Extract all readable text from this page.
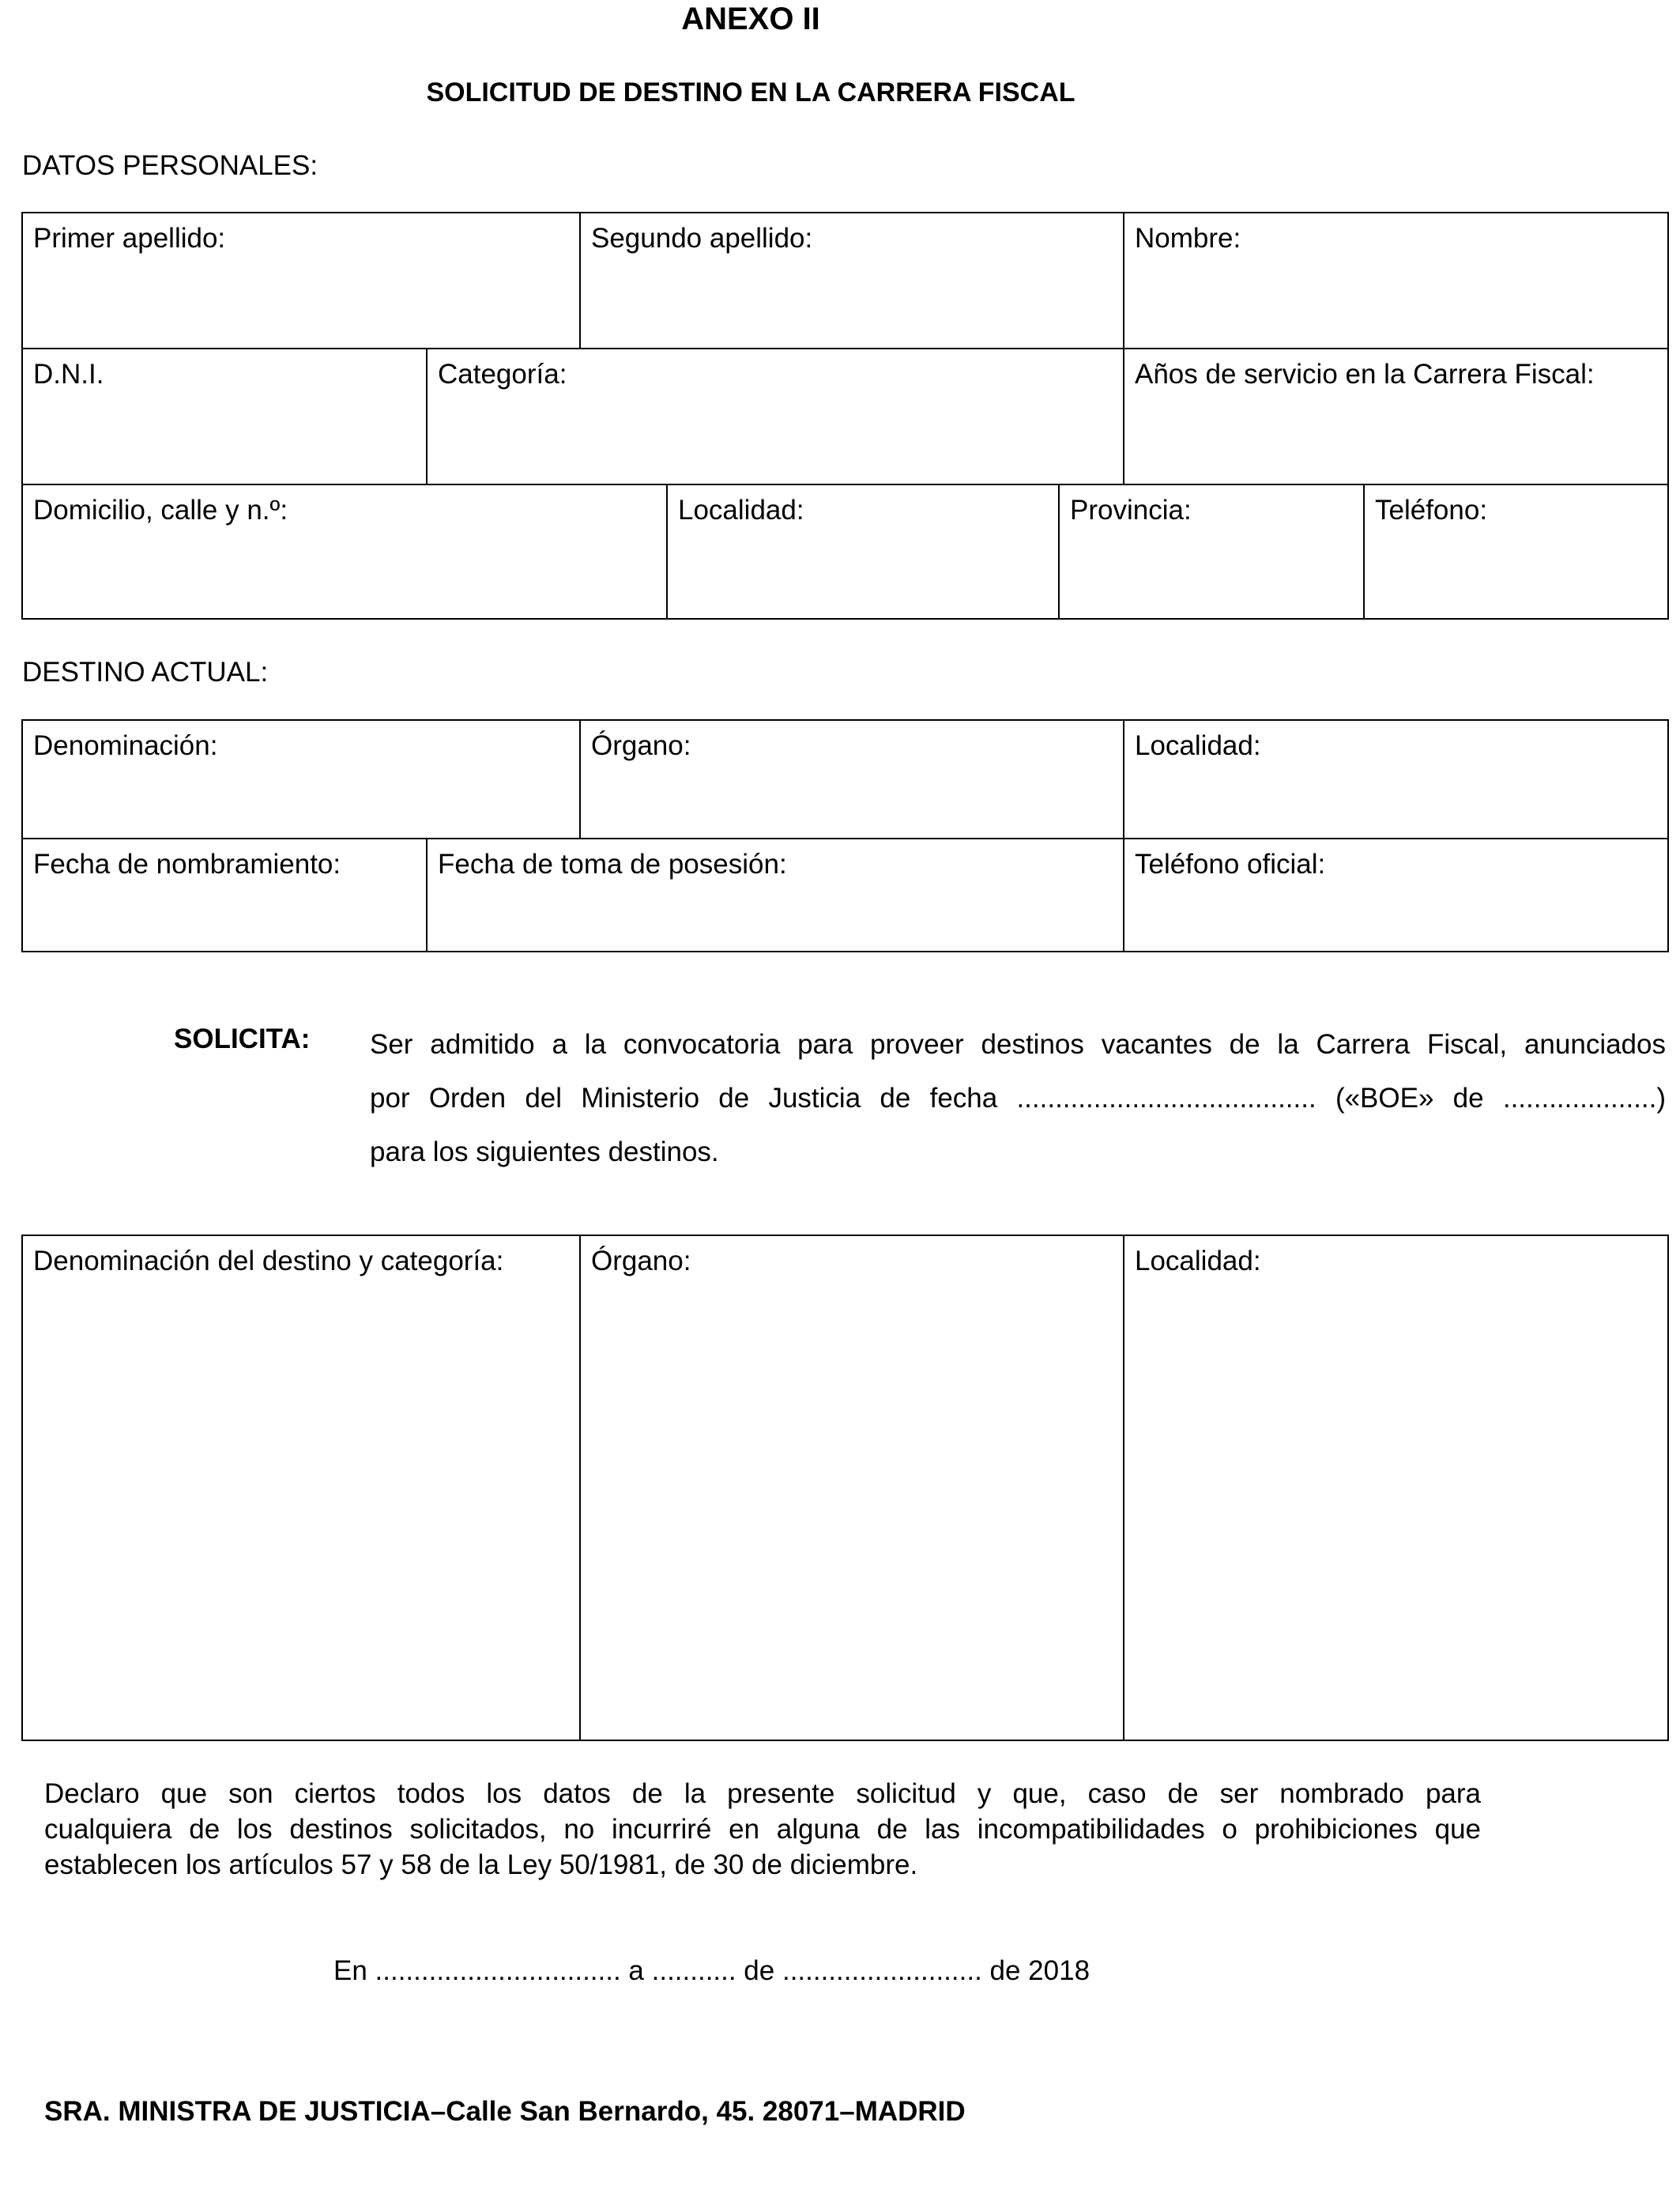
ANEXO II
SOLICITUD DE DESTINO EN LA CARRERA FISCAL
DATOS PERSONALES:
Primer apellido:	Segundo apellido:	Nombre:
D.N.I.	Categoría:	Años de servicio en la Carrera Fiscal:
Domicilio, calle y n.º:	Localidad:	Provincia:	Teléfono:
DESTINO ACTUAL:
Denominación:	Órgano:	Localidad:
Fecha de nombramiento:	Fecha de toma de posesión:	Teléfono oficial:
SOLICITA: Ser admitido a la convocatoria para proveer destinos vacantes de la Carrera Fiscal, anunciados
por Orden del Ministerio de Justicia de fecha ....................................... («BOE» de ....................)
para los siguientes destinos.
Denominación del destino y categoría:	Órgano:	Localidad:
Declaro que son ciertos todos los datos de la presente solicitud y que, caso de ser nombrado para
cualquiera de los destinos solicitados, no incurriré en alguna de las incompatibilidades o prohibiciones que
establecen los artículos 57 y 58 de la Ley 50/1981, de 30 de diciembre.
En ................................ a ........... de .......................... de 2018
SRA. MINISTRA DE JUSTICIA–Calle San Bernardo, 45. 28071–MADRID
